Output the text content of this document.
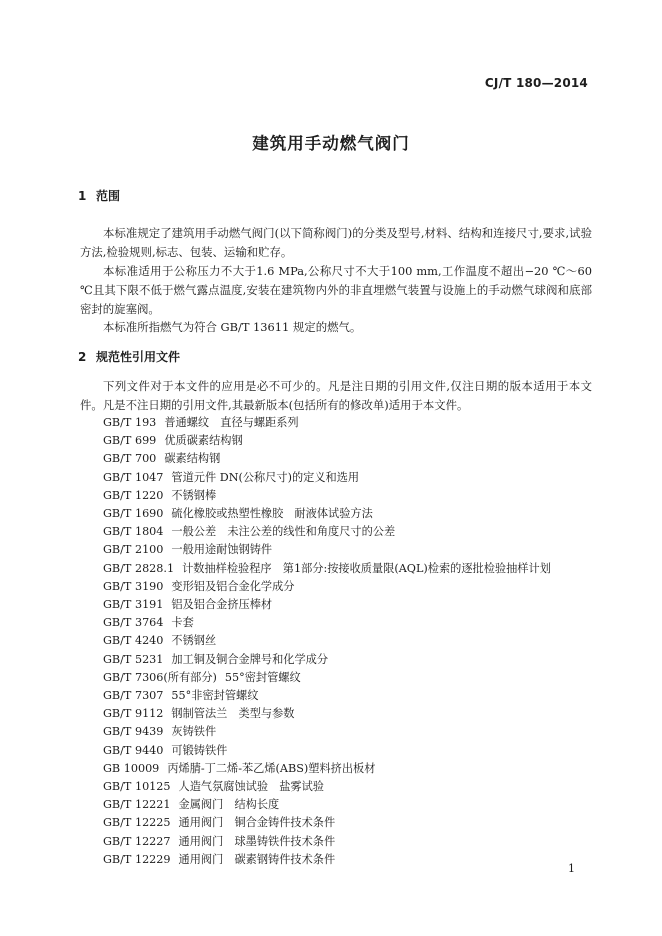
CJ/T 180—2014
建筑用手动燃气阀门
1 范围

本标准规定了建筑用手动燃气阀门(以下简称阀门)的分类及型号,材料、结构和连接尺寸,要求,试验方法,检验规则,标志、包装、运输和贮存。

本标准适用于公称压力不大于1.6 MPa,公称尺寸不大于100 mm,工作温度不超出−20 ℃～60 ℃且其下限不低于燃气露点温度,安装在建筑物内外的非直埋燃气装置与设施上的手动燃气球阀和底部密封的旋塞阀。

本标准所指燃气为符合 GB/T 13611 规定的燃气。

2 规范性引用文件

下列文件对于本文件的应用是必不可少的。凡是注日期的引用文件,仅注日期的版本适用于本文件。凡是不注日期的引用文件,其最新版本(包括所有的修改单)适用于本文件。

GB/T 193 普通螺纹　直径与螺距系列
GB/T 699 优质碳素结构钢
GB/T 700 碳素结构钢
GB/T 1047 管道元件 DN(公称尺寸)的定义和选用
GB/T 1220 不锈钢棒
GB/T 1690 硫化橡胶或热塑性橡胶　耐液体试验方法
GB/T 1804 一般公差　未注公差的线性和角度尺寸的公差
GB/T 2100 一般用途耐蚀钢铸件
GB/T 2828.1 计数抽样检验程序　第1部分:按接收质量限(AQL)检索的逐批检验抽样计划
GB/T 3190 变形铝及铝合金化学成分
GB/T 3191 铝及铝合金挤压棒材
GB/T 3764 卡套
GB/T 4240 不锈钢丝
GB/T 5231 加工铜及铜合金牌号和化学成分
GB/T 7306(所有部分) 55°密封管螺纹
GB/T 7307 55°非密封管螺纹
GB/T 9112 钢制管法兰　类型与参数
GB/T 9439 灰铸铁件
GB/T 9440 可锻铸铁件
GB 10009 丙烯腈-丁二烯-苯乙烯(ABS)塑料挤出板材
GB/T 10125 人造气氛腐蚀试验　盐雾试验
GB/T 12221 金属阀门　结构长度
GB/T 12225 通用阀门　铜合金铸件技术条件
GB/T 12227 通用阀门　球墨铸铁件技术条件
GB/T 12229 通用阀门　碳素钢铸件技术条件
1
